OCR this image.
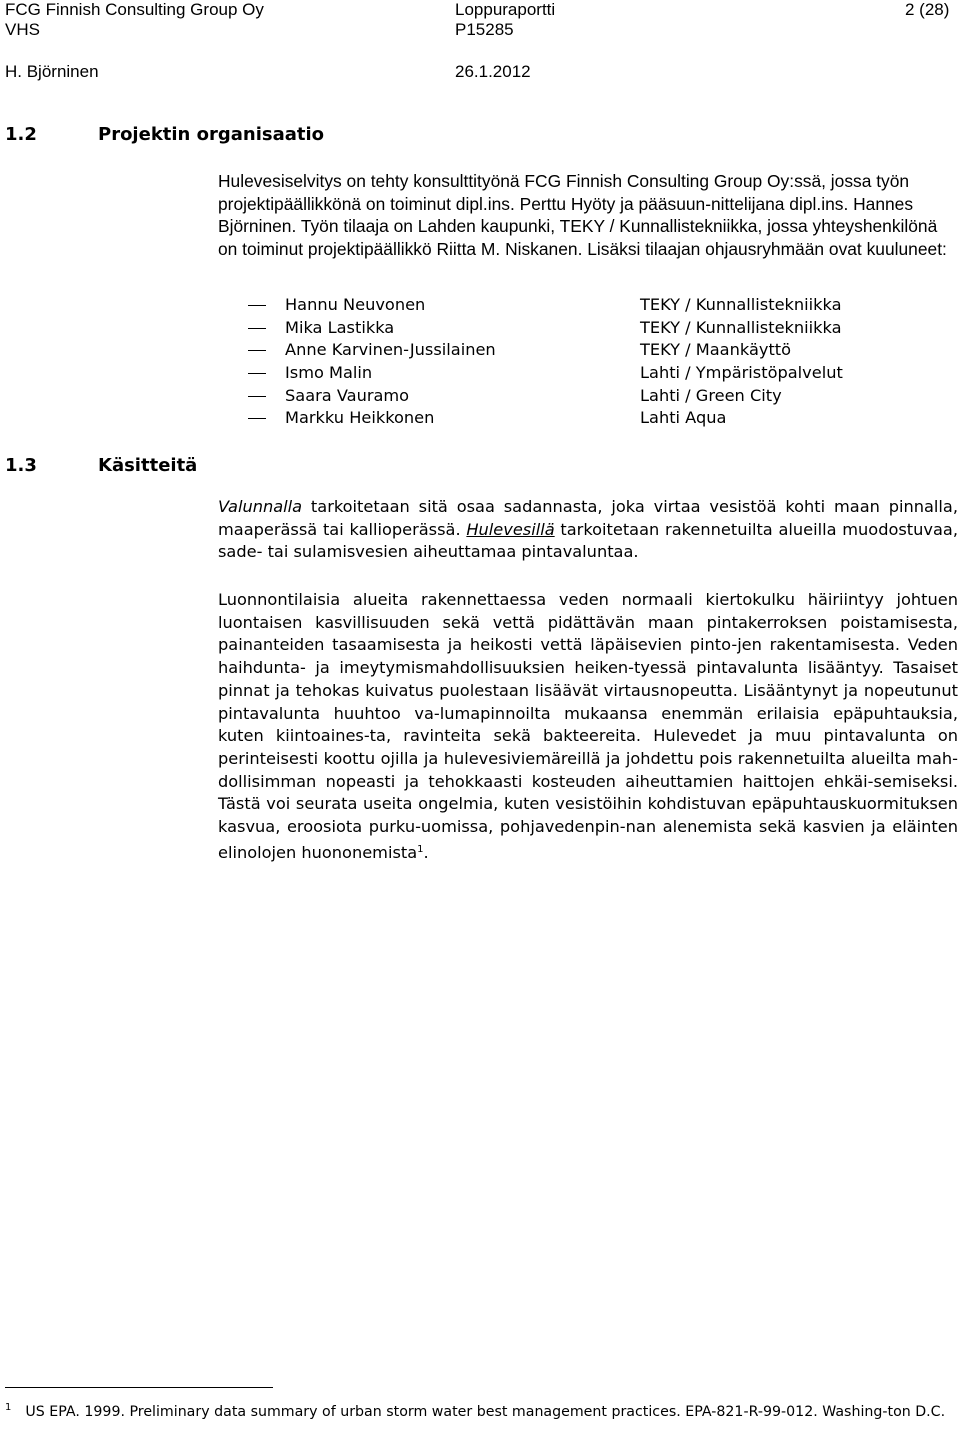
FCG Finnish Consulting Group Oy	Loppuraportti	2 (28)
VHS	P15285
H. Björninen	26.1.2012
1.2	Projektin organisaatio

Hulevesiselvitys on tehty konsulttityönä FCG Finnish Consulting Group Oy:ssä, jossa työn projektipäällikkönä on toiminut dipl.ins. Perttu Hyöty ja pääsuun-nittelijana dipl.ins. Hannes Björninen. Työn tilaaja on Lahden kaupunki, TEKY / Kunnallistekniikka, jossa yhteyshenkilönä on toiminut projektipäällikkö Riitta M. Niskanen. Lisäksi tilaajan ohjausryhmään ovat kuuluneet:

Hannu Neuvonen	TEKY / Kunnallistekniikka
Mika Lastikka	TEKY / Kunnallistekniikka
Anne Karvinen-Jussilainen	TEKY / Maankäyttö
Ismo Malin	Lahti / Ympäristöpalvelut
Saara Vauramo	Lahti / Green City
Markku Heikkonen	Lahti Aqua
1.3	Käsitteitä

Valunnalla tarkoitetaan sitä osaa sadannasta, joka virtaa vesistöä kohti maan pinnalla, maaperässä tai kallioperässä. Hulevesillä tarkoitetaan rakennetuilta alueilla muodostuvaa, sade- tai sulamisvesien aiheuttamaa pintavaluntaa.

Luonnontilaisia alueita rakennettaessa veden normaali kiertokulku häiriintyy johtuen luontaisen kasvillisuuden sekä vettä pidättävän maan pintakerroksen poistamisesta, painanteiden tasaamisesta ja heikosti vettä läpäisevien pinto-jen rakentamisesta. Veden haihdunta- ja imeytymismahdollisuuksien heiken-tyessä pintavalunta lisääntyy. Tasaiset pinnat ja tehokas kuivatus puolestaan lisäävät virtausnopeutta. Lisääntynyt ja nopeutunut pintavalunta huuhtoo va-lumapinnoilta mukaansa enemmän erilaisia epäpuhtauksia, kuten kiintoaines-ta, ravinteita sekä bakteereita. Hulevedet ja muu pintavalunta on perinteisesti koottu ojilla ja hulevesiviemäreillä ja johdettu pois rakennetuilta alueilta mah-dollisimman nopeasti ja tehokkaasti kosteuden aiheuttamien haittojen ehkäi-semiseksi. Tästä voi seurata useita ongelmia, kuten vesistöihin kohdistuvan epäpuhtauskuormituksen kasvua, eroosiota purku-uomissa, pohjavedenpin-nan alenemista sekä kasvien ja eläinten elinolojen huononemista$^1$.

$^1$ US EPA. 1999. Preliminary data summary of urban storm water best management practices. EPA-821-R-99-012. Washing-ton D.C.
